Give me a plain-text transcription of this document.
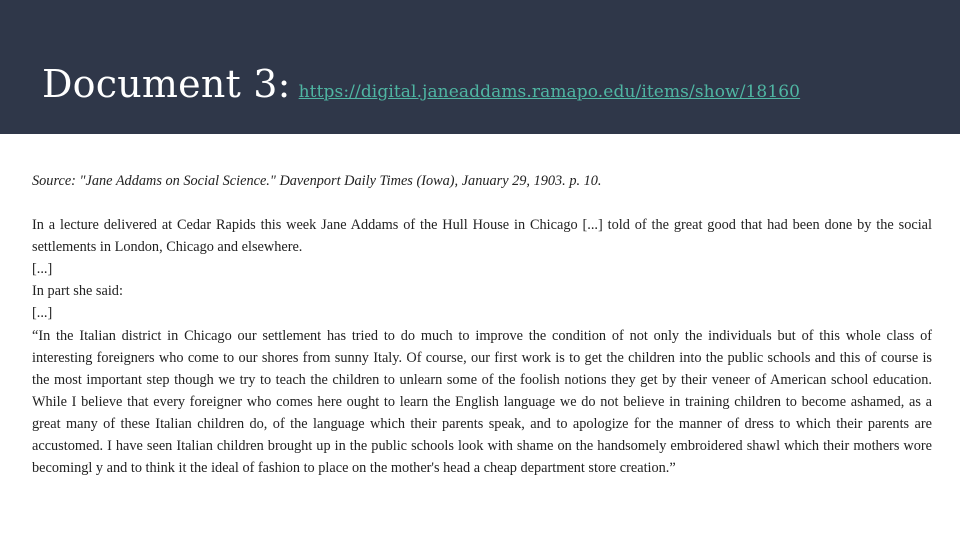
Document 3: https://digital.janeaddams.ramapo.edu/items/show/18160

Source: "Jane Addams on Social Science." Davenport Daily Times (Iowa), January 29, 1903. p. 10.

In a lecture delivered at Cedar Rapids this week Jane Addams of the Hull House in Chicago [...] told of the great good that had been done by the social settlements in London, Chicago and elsewhere.

[...]

In part she said:

[...]

“In the Italian district in Chicago our settlement has tried to do much to improve the condition of not only the individuals but of this whole class of interesting foreigners who come to our shores from sunny Italy. Of course, our first work is to get the children into the public schools and this of course is the most important step though we try to teach the children to unlearn some of the foolish notions they get by their veneer of American school education. While I believe that every foreigner who comes here ought to learn the English language we do not believe in training children to become ashamed, as a great many of these Italian children do, of the language which their parents speak, and to apologize for the manner of dress to which their parents are accustomed. I have seen Italian children brought up in the public schools look with shame on the handsomely embroidered shawl which their mothers wore becomingl y and to think it the ideal of fashion to place on the mother's head a cheap department store creation.”
